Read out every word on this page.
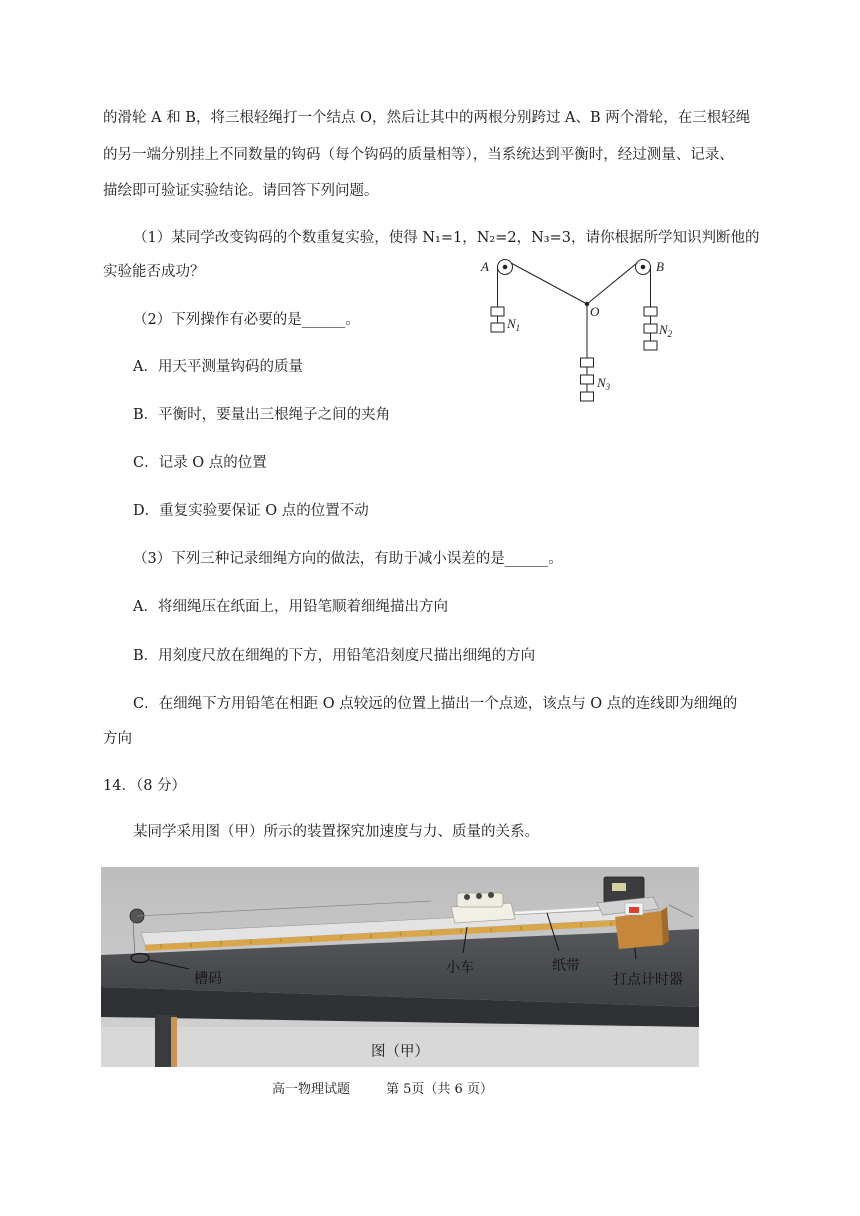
的滑轮 A 和 B，将三根轻绳打一个结点 O，然后让其中的两根分别跨过 A、B 两个滑轮，在三根轻绳
的另一端分别挂上不同数量的钩码（每个钩码的质量相等），当系统达到平衡时，经过测量、记录、
描绘即可验证实验结论。请回答下列问题。
（1）某同学改变钩码的个数重复实验，使得 N₁=1，N₂=2，N₃=3，请你根据所学知识判断他的
实验能否成功？
（2）下列操作有必要的是______。
A．用天平测量钩码的质量
B．平衡时，要量出三根绳子之间的夹角
C．记录 O 点的位置
D．重复实验要保证 O 点的位置不动
（3）下列三种记录细绳方向的做法，有助于减小误差的是______。
A．将细绳压在纸面上，用铅笔顺着细绳描出方向
B．用刻度尺放在细绳的下方，用铅笔沿刻度尺描出细绳的方向
C．在细绳下方用铅笔在相距 O 点较远的位置上描出一个点迹，该点与 O 点的连线即为细绳的
方向
A	B
O
$N_1$	$N_2$
$N_3$
14．（8 分）
某同学采用图（甲）所示的装置探究加速度与力、质量的关系。
槽码
小车	纸带
打点计时器
图（甲）
高一物理试题	第 5页（共 6 页）
